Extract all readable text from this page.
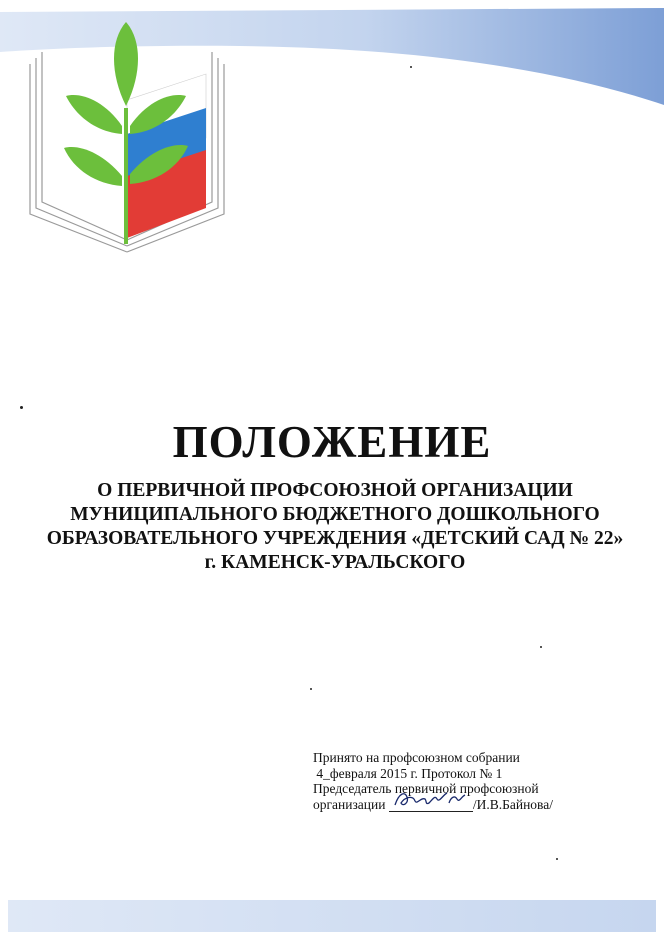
ПОЛОЖЕНИЕ
О ПЕРВИЧНОЙ ПРОФСОЮЗНОЙ ОРГАНИЗАЦИИ
МУНИЦИПАЛЬНОГО БЮДЖЕТНОГО ДОШКОЛЬНОГО
ОБРАЗОВАТЕЛЬНОГО УЧРЕЖДЕНИЯ «ДЕТСКИЙ САД № 22»
г. КАМЕНСК-УРАЛЬСКОГО
Принято на профсоюзном собрании
4_февраля 2015 г. Протокол № 1
Председатель первичной профсоюзной
организации	/И.В.Байнова/
